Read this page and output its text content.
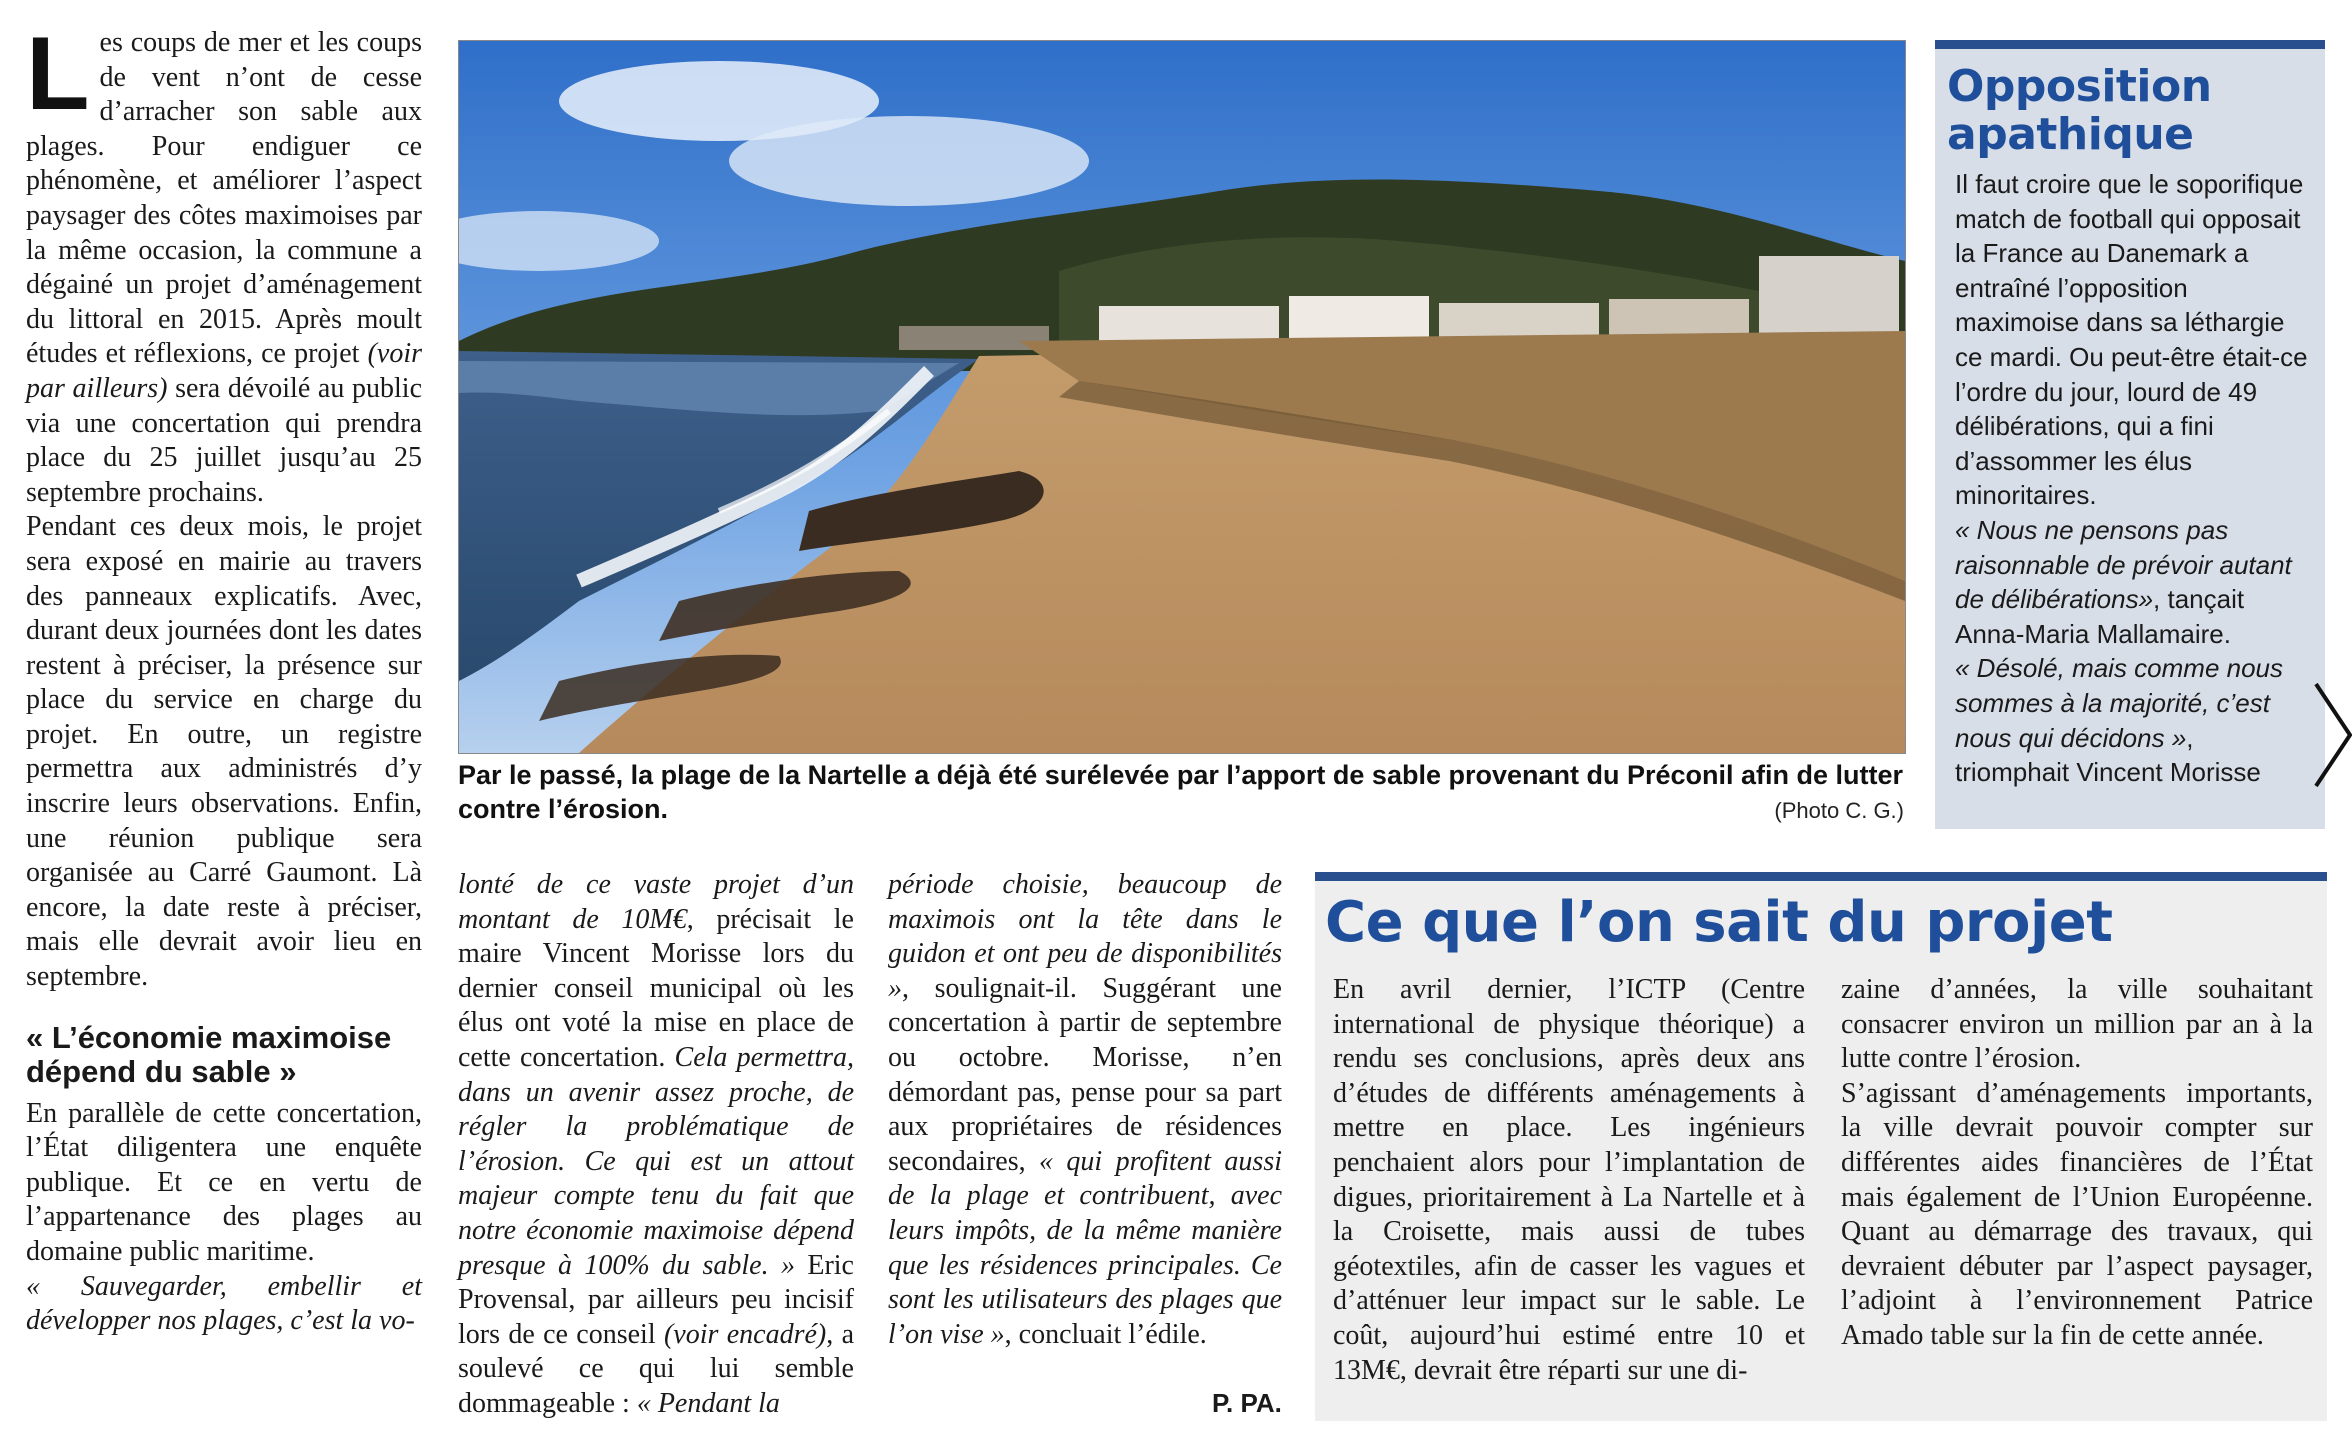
Les coups de mer et les coups de vent n’ont de cesse d’arracher son sable aux plages. Pour endiguer ce phénomène, et améliorer l’aspect paysager des côtes maximoises par la même occasion, la commune a dégainé un projet d’aménagement du littoral en 2015. Après moult études et réflexions, ce projet (voir par ailleurs) sera dévoilé au public via une concertation qui prendra place du 25 juillet jusqu’au 25 septembre prochains.

Pendant ces deux mois, le projet sera exposé en mairie au travers des panneaux explicatifs. Avec, durant deux journées dont les dates restent à préciser, la présence sur place du service en charge du projet. En outre, un registre permettra aux administrés d’y inscrire leurs observations. Enfin, une réunion publique sera organisée au Carré Gaumont. Là encore, la date reste à préciser, mais elle devrait avoir lieu en septembre.

« L’économie maximoise dépend du sable »

En parallèle de cette concertation, l’État diligentera une enquête publique. Et ce en vertu de l’appartenance des plages au domaine public maritime.

« Sauvegarder, embellir et développer nos plages, c’est la vo-

Par le passé, la plage de la Nartelle a déjà été surélevée par l’apport de sable provenant du Préconil afin de lutter contre l’érosion.	(Photo C. G.)
Opposition apathique

Il faut croire que le soporifique match de football qui opposait la France au Danemark a entraîné l’opposition maximoise dans sa léthargie ce mardi. Ou peut-être était-ce l’ordre du jour, lourd de 49 délibérations, qui a fini d’assommer les élus minoritaires.

« Nous ne pensons pas raisonnable de prévoir autant de délibérations», tançait Anna-Maria Mallamaire.

« Désolé, mais comme nous sommes à la majorité, c’est nous qui décidons », triomphait Vincent Morisse

lonté de ce vaste projet d’un montant de 10M€, précisait le maire Vincent Morisse lors du dernier conseil municipal où les élus ont voté la mise en place de cette concertation. Cela permettra, dans un avenir assez proche, de régler la problématique de l’érosion. Ce qui est un attout majeur compte tenu du fait que notre économie maximoise dépend presque à 100% du sable. » Eric Provensal, par ailleurs peu incisif lors de ce conseil (voir encadré), a soulevé ce qui lui semble dommageable : « Pendant la

période choisie, beaucoup de maximois ont la tête dans le guidon et ont peu de disponibilités », soulignait-il. Suggérant une concertation à partir de septembre ou octobre. Morisse, n’en démordant pas, pense pour sa part aux propriétaires de résidences secondaires, « qui profitent aussi de la plage et contribuent, avec leurs impôts, de la même manière que les résidences principales. Ce sont les utilisateurs des plages que l’on vise », concluait l’édile.

P. PA.
Ce que l’on sait du projet

En avril dernier, l’ICTP (Centre international de physique théorique) a rendu ses conclusions, après deux ans d’études de différents aménagements à mettre en place. Les ingénieurs penchaient alors pour l’implantation de digues, prioritairement à La Nartelle et à la Croisette, mais aussi de tubes géotextiles, afin de casser les vagues et d’atténuer leur impact sur le sable. Le coût, aujourd’hui estimé entre 10 et 13M€, devrait être réparti sur une di-

zaine d’années, la ville souhaitant consacrer environ un million par an à la lutte contre l’érosion.

S’agissant d’aménagements importants, la ville devrait pouvoir compter sur différentes aides financières de l’État mais également de l’Union Européenne. Quant au démarrage des travaux, qui devraient débuter par l’aspect paysager, l’adjoint à l’environnement Patrice Amado table sur la fin de cette année.
